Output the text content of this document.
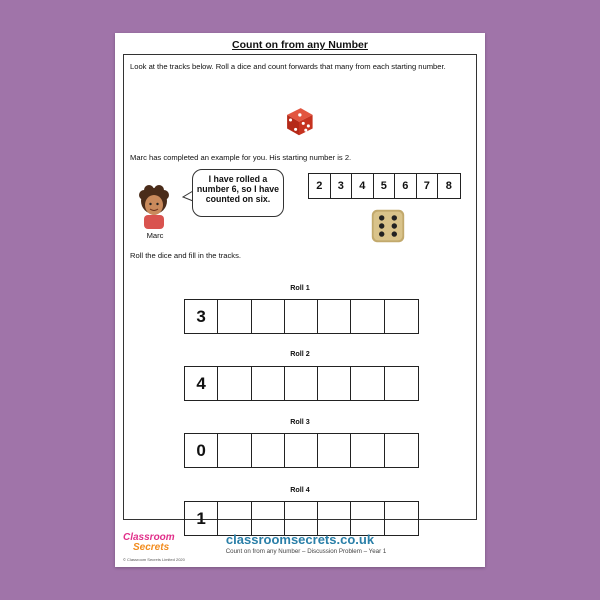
Count on from any Number
Look at the tracks below. Roll a dice and count forwards that many from each starting number.
Marc has completed an example for you. His starting number is 2.
Marc
I have rolled a number 6, so I have counted on six.
2	3	4	5	6	7	8
Roll the dice and fill in the tracks.
Roll 1
3
Roll 2
4
Roll 3
0
Roll 4
1
Classroom
Secrets
© Classroom Secrets Limited 2020
classroomsecrets.co.uk
Count on from any Number – Discussion Problem – Year 1
